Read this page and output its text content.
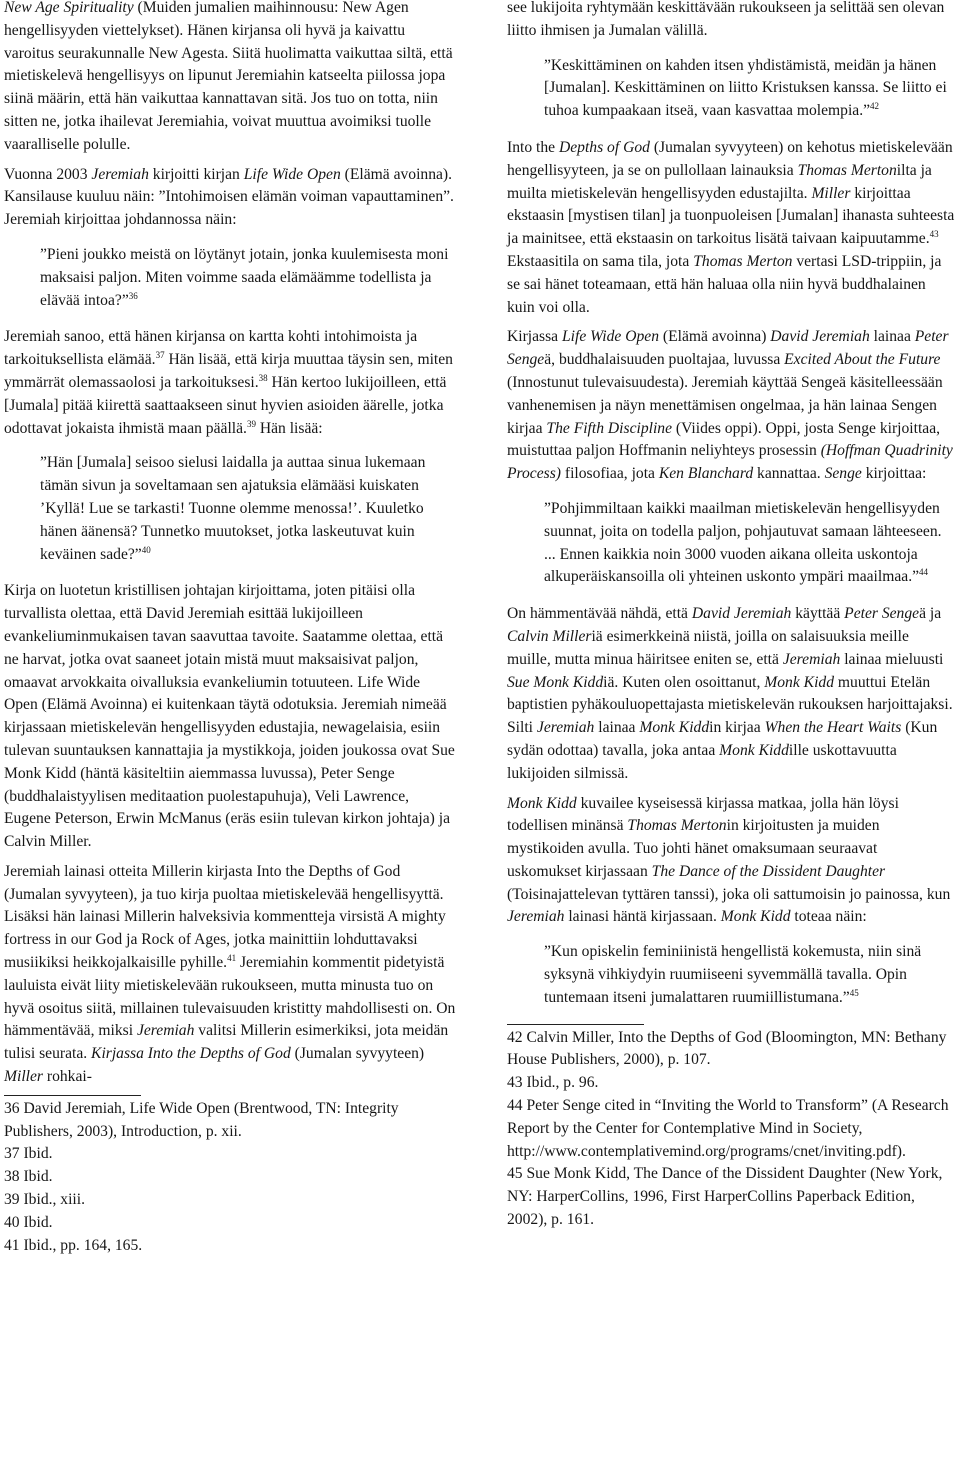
New Age Spirituality (Muiden jumalien maihinnousu: New Agen hengellisyyden viettelykset). Hänen kirjansa oli hyvä ja kaivattu varoitus seurakunnalle New Agesta. Siitä huolimatta vaikuttaa siltä, että mietiskelevä hengellisyys on lipunut Jeremiahin katseelta piilossa jopa siinä määrin, että hän vaikuttaa kannattavan sitä. Jos tuo on totta, niin sitten ne, jotka ihailevat Jeremiahia, voivat muuttua avoimiksi tuolle vaaralliselle polulle.

Vuonna 2003 Jeremiah kirjoitti kirjan Life Wide Open (Elämä avoinna). Kansilause kuuluu näin: ”Intohimoisen elämän voiman vapauttaminen”. Jeremiah kirjoittaa johdannossa näin:

”Pieni joukko meistä on löytänyt jotain, jonka kuulemisesta moni maksaisi paljon. Miten voimme saada elämäämme todellista ja elävää intoa?”$^{36}$

Jeremiah sanoo, että hänen kirjansa on kartta kohti intohimoista ja tarkoituksellista elämää.$^{37}$ Hän lisää, että kirja muuttaa täysin sen, miten ymmärrät olemassaolosi ja tarkoituksesi.$^{38}$ Hän kertoo lukijoilleen, että [Jumala] pitää kiirettä saattaakseen sinut hyvien asioiden äärelle, jotka odottavat jokaista ihmistä maan päällä.$^{39}$ Hän lisää:

”Hän [Jumala] seisoo sielusi laidalla ja auttaa sinua lukemaan tämän sivun ja soveltamaan sen ajatuksia elämääsi kuiskaten ’Kyllä! Lue se tarkasti! Tuonne olemme menossa!’. Kuuletko hänen äänensä? Tunnetko muutokset, jotka laskeutuvat kuin keväinen sade?”$^{40}$

Kirja on luotetun kristillisen johtajan kirjoittama, joten pitäisi olla turvallista olettaa, että David Jeremiah esittää lukijoilleen evankeliuminmukaisen tavan saavuttaa tavoite. Saatamme olettaa, että ne harvat, jotka ovat saaneet jotain mistä muut maksaisivat paljon, omaavat arvokkaita oivalluksia evankeliumin totuuteen. Life Wide Open (Elämä Avoinna) ei kuitenkaan täytä odotuksia. Jeremiah nimeää kirjassaan mietiskelevän hengellisyyden edustajia, newagelaisia, esiin tulevan suuntauksen kannattajia ja mystikkoja, joiden joukossa ovat Sue Monk Kidd (häntä käsiteltiin aiemmassa luvussa), Peter Senge (buddhalaistyylisen meditaation puolestapuhuja), Veli Lawrence, Eugene Peterson, Erwin McManus (eräs esiin tulevan kirkon johtaja) ja Calvin Miller.

Jeremiah lainasi otteita Millerin kirjasta Into the Depths of God (Jumalan syvyyteen), ja tuo kirja puoltaa mietiskelevää hengellisyyttä. Lisäksi hän lainasi Millerin halveksivia kommentteja virsistä A mighty fortress in our God ja Rock of Ages, jotka mainittiin lohduttavaksi musiikiksi heikkojalkaisille pyhille.$^{41}$ Jeremiahin kommentit pidetyistä lauluista eivät liity mietiskelevään rukoukseen, mutta minusta tuo on hyvä osoitus siitä, millainen tulevaisuuden kristitty mahdollisesti on. On hämmentävää, miksi Jeremiah valitsi Millerin esimerkiksi, jota meidän tulisi seurata. Kirjassa Into the Depths of God (Jumalan syvyyteen) Miller rohkai-

36 David Jeremiah, Life Wide Open (Brentwood, TN: Integrity Publishers, 2003), Introduction, p. xii.

37 Ibid.

38 Ibid.

39 Ibid., xiii.

40 Ibid.

41 Ibid., pp. 164, 165.

see lukijoita ryhtymään keskittävään rukoukseen ja selittää sen olevan liitto ihmisen ja Jumalan välillä.

”Keskittäminen on kahden itsen yhdistämistä, meidän ja hänen [Jumalan]. Keskittäminen on liitto Kristuksen kanssa. Se liitto ei tuhoa kumpaakaan itseä, vaan kasvattaa molempia.”$^{42}$

Into the Depths of God (Jumalan syvyyteen) on kehotus mietiskelevään hengellisyyteen, ja se on pullollaan lainauksia Thomas Mertonilta ja muilta mietiskelevän hengellisyyden edustajilta. Miller kirjoittaa ekstaasin [mystisen tilan] ja tuonpuoleisen [Jumalan] ihanasta suhteesta ja mainitsee, että ekstaasin on tarkoitus lisätä taivaan kaipuutamme.$^{43}$ Ekstaasitila on sama tila, jota Thomas Merton vertasi LSD-trippiin, ja se sai hänet toteamaan, että hän haluaa olla niin hyvä buddhalainen kuin voi olla.

Kirjassa Life Wide Open (Elämä avoinna) David Jeremiah lainaa Peter Sengeä, buddhalaisuuden puoltajaa, luvussa Excited About the Future (Innostunut tulevaisuudesta). Jeremiah käyttää Sengeä käsitelleessään vanhenemisen ja näyn menettämisen ongelmaa, ja hän lainaa Sengen kirjaa The Fifth Discipline (Viides oppi). Oppi, josta Senge kirjoittaa, muistuttaa paljon Hoffmanin neliyhteys prosessin (Hoffman Quadrinity Process) filosofiaa, jota Ken Blanchard kannattaa. Senge kirjoittaa:

”Pohjimmiltaan kaikki maailman mietiskelevän hengellisyyden suunnat, joita on todella paljon, pohjautuvat samaan lähteeseen. ... Ennen kaikkia noin 3000 vuoden aikana olleita uskontoja alkuperäiskansoilla oli yhteinen uskonto ympäri maailmaa.”$^{44}$

On hämmentävää nähdä, että David Jeremiah käyttää Peter Sengeä ja Calvin Milleriä esimerkkeinä niistä, joilla on salaisuuksia meille muille, mutta minua häiritsee eniten se, että Jeremiah lainaa mieluusti Sue Monk Kiddiä. Kuten olen osoittanut, Monk Kidd muuttui Etelän baptistien pyhäkouluopettajasta mietiskelevän rukouksen harjoittajaksi. Silti Jeremiah lainaa Monk Kiddin kirjaa When the Heart Waits (Kun sydän odottaa) tavalla, joka antaa Monk Kiddille uskottavuutta lukijoiden silmissä.

Monk Kidd kuvailee kyseisessä kirjassa matkaa, jolla hän löysi todellisen minänsä Thomas Mertonin kirjoitusten ja muiden mystikoiden avulla. Tuo johti hänet omaksumaan seuraavat uskomukset kirjassaan The Dance of the Dissident Daughter (Toisinajattelevan tyttären tanssi), joka oli sattumoisin jo painossa, kun Jeremiah lainasi häntä kirjassaan. Monk Kidd toteaa näin:

”Kun opiskelin feminiinistä hengellistä kokemusta, niin sinä syksynä vihkiydyin ruumiiseeni syvemmällä tavalla. Opin tuntemaan itseni jumalattaren ruumiillistumana.”$^{45}$

42 Calvin Miller, Into the Depths of God (Bloomington, MN: Bethany House Publishers, 2000), p. 107.

43 Ibid., p. 96.

44 Peter Senge cited in “Inviting the World to Transform” (A Research Report by the Center for Contemplative Mind in Society, http://www.contemplativemind.org/programs/cnet/inviting.pdf).

45 Sue Monk Kidd, The Dance of the Dissident Daughter (New York, NY: HarperCollins, 1996, First HarperCollins Paperback Edition, 2002), p. 161.
